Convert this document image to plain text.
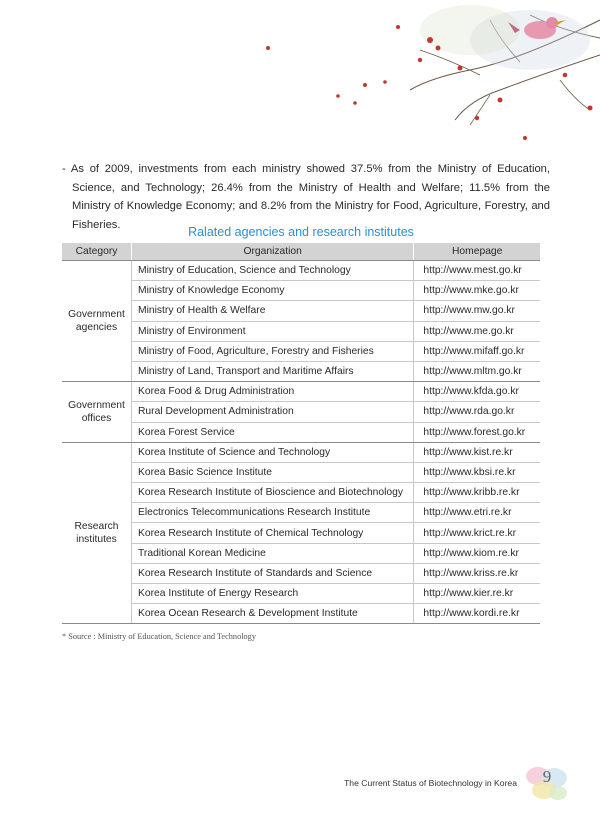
- As of 2009, investments from each ministry showed 37.5% from the Ministry of Education, Science, and Technology; 26.4% from the Ministry of Health and Welfare; 11.5% from the Ministry of Knowledge Economy; and 8.2% from the Ministry for Food, Agriculture, Forestry, and Fisheries.
Ralated agencies and research institutes
Category	Organization	Homepage
Government agencies	Ministry of Education, Science and Technology	http://www.mest.go.kr
	Ministry of Knowledge Economy	http://www.mke.go.kr
	Ministry of Health & Welfare	http://www.mw.go.kr
	Ministry of Environment	http://www.me.go.kr
	Ministry of Food, Agriculture, Forestry and Fisheries	http://www.mifaff.go.kr
	Ministry of Land, Transport and Maritime Affairs	http://www.mltm.go.kr
Government offices	Korea Food & Drug Administration	http://www.kfda.go.kr
	Rural Development Administration	http://www.rda.go.kr
	Korea Forest Service	http://www.forest.go.kr
Research institutes	Korea Institute of Science and Technology	http://www.kist.re.kr
	Korea Basic Science Institute	http://www.kbsi.re.kr
	Korea Research Institute of Bioscience and Biotechnology	http://www.kribb.re.kr
	Electronics Telecommunications Research Institute	http://www.etri.re.kr
	Korea Research Institute of Chemical Technology	http://www.krict.re.kr
	Traditional Korean Medicine	http://www.kiom.re.kr
	Korea Research Institute of Standards and Science	http://www.kriss.re.kr
	Korea Institute of Energy Research	http://www.kier.re.kr
	Korea Ocean Research & Development Institute	http://www.kordi.re.kr
* Source : Ministry of Education, Science and Technology
The Current Status of Biotechnology in Korea	9
